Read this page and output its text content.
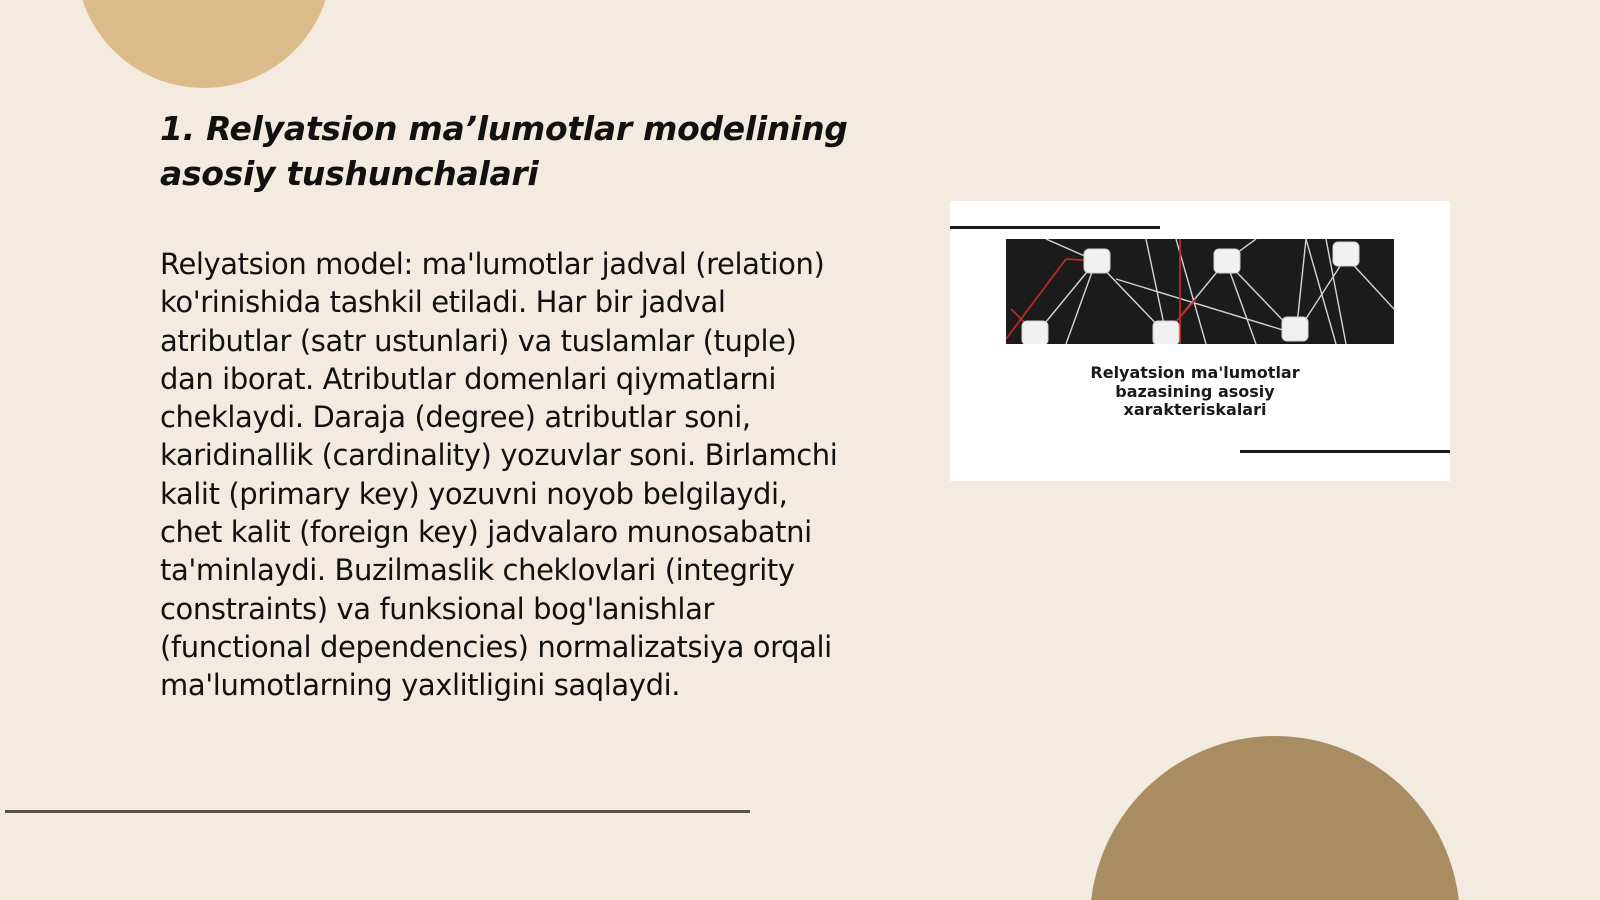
1. Relyatsion ma’lumotlar modelining asosiy tushunchalari

Relyatsion model: ma'lumotlar jadval (relation) ko'rinishida tashkil etiladi. Har bir jadval atributlar (satr ustunlari) va tuslamlar (tuple) dan iborat. Atributlar domenlari qiymatlarni cheklaydi. Daraja (degree) atributlar soni, karidinallik (cardinality) yozuvlar soni. Birlamchi kalit (primary key) yozuvni noyob belgilaydi, chet kalit (foreign key) jadvalaro munosabatni ta'minlaydi. Buzilmaslik cheklovlari (integrity constraints) va funksional bog'lanishlar (functional dependencies) normalizatsiya orqali ma'lumotlarning yaxlitligini saqlaydi.

Relyatsion ma'lumotlar
bazasining asosiy
xarakteriskalari
